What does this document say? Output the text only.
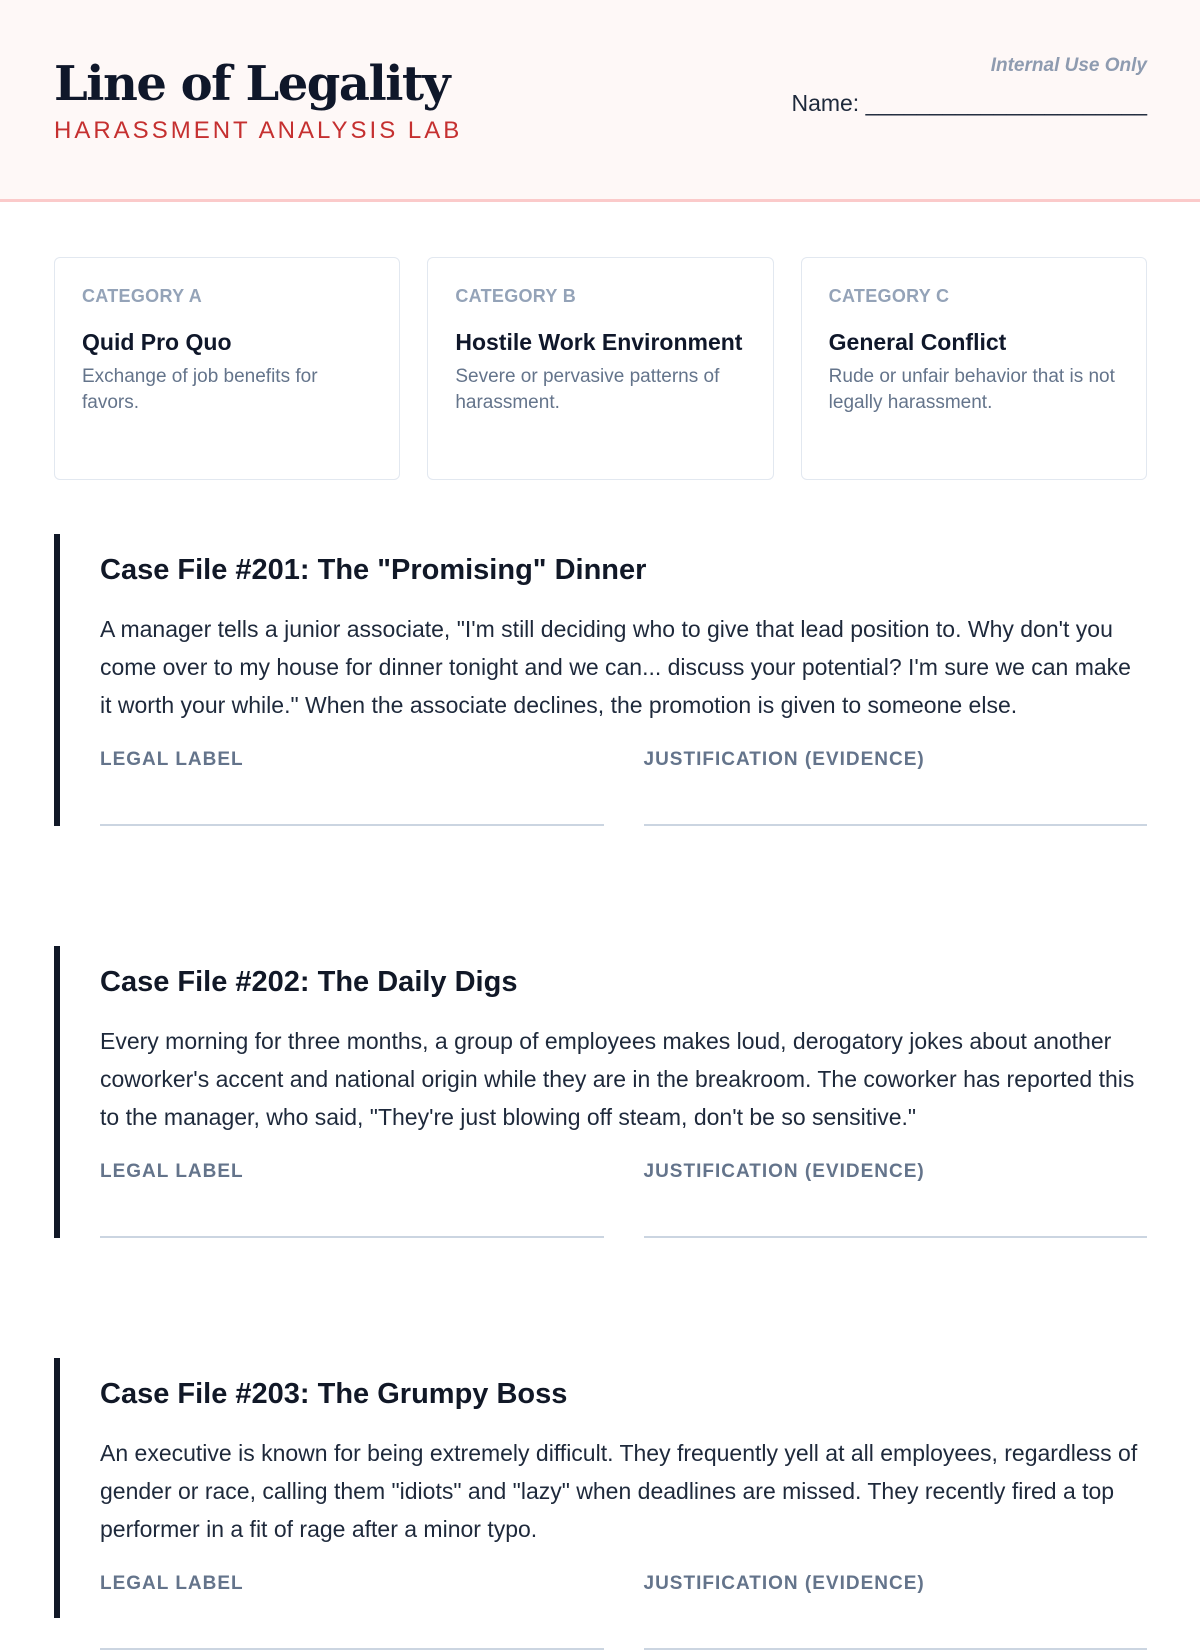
Line of Legality
HARASSMENT ANALYSIS LAB
Internal Use Only
Name: ______________________
CATEGORY A
Quid Pro Quo
Exchange of job benefits for favors.
CATEGORY B
Hostile Work Environment
Severe or pervasive patterns of harassment.
CATEGORY C
General Conflict
Rude or unfair behavior that is not legally harassment.
Case File #201: The "Promising" Dinner
A manager tells a junior associate, "I'm still deciding who to give that lead position to. Why don't you come over to my house for dinner tonight and we can... discuss your potential? I'm sure we can make it worth your while." When the associate declines, the promotion is given to someone else.
LEGAL LABEL	JUSTIFICATION (EVIDENCE)
Case File #202: The Daily Digs
Every morning for three months, a group of employees makes loud, derogatory jokes about another coworker's accent and national origin while they are in the breakroom. The coworker has reported this to the manager, who said, "They're just blowing off steam, don't be so sensitive."
LEGAL LABEL	JUSTIFICATION (EVIDENCE)
Case File #203: The Grumpy Boss
An executive is known for being extremely difficult. They frequently yell at all employees, regardless of gender or race, calling them "idiots" and "lazy" when deadlines are missed. They recently fired a top performer in a fit of rage after a minor typo.
LEGAL LABEL	JUSTIFICATION (EVIDENCE)
